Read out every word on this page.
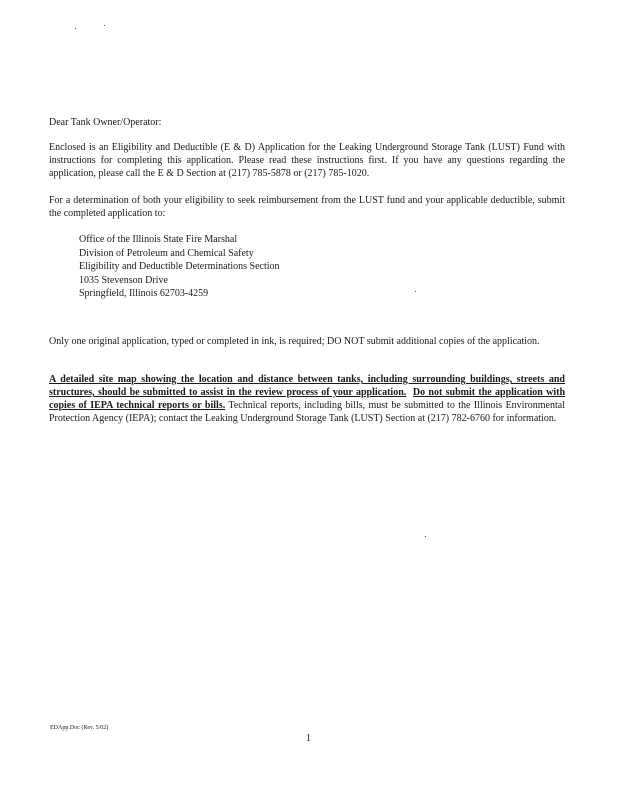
Dear Tank Owner/Operator:
Enclosed is an Eligibility and Deductible (E & D) Application for the Leaking Underground Storage Tank (LUST) Fund with instructions for completing this application. Please read these instructions first. If you have any questions regarding the application, please call the E & D Section at (217) 785-5878 or (217) 785-1020.
For a determination of both your eligibility to seek reimbursement from the LUST fund and your applicable deductible, submit the completed application to:
Office of the Illinois State Fire Marshal
Division of Petroleum and Chemical Safety
Eligibility and Deductible Determinations Section
1035 Stevenson Drive
Springfield, Illinois 62703-4259
Only one original application, typed or completed in ink, is required; DO NOT submit additional copies of the application.
A detailed site map showing the location and distance between tanks, including surrounding buildings, streets and structures, should be submitted to assist in the review process of your application. Do not submit the application with copies of IEPA technical reports or bills. Technical reports, including bills, must be submitted to the Illinois Environmental Protection Agency (IEPA); contact the Leaking Underground Storage Tank (LUST) Section at (217) 782-6760 for information.
EDApp.Doc (Rev. 5/02)
1
